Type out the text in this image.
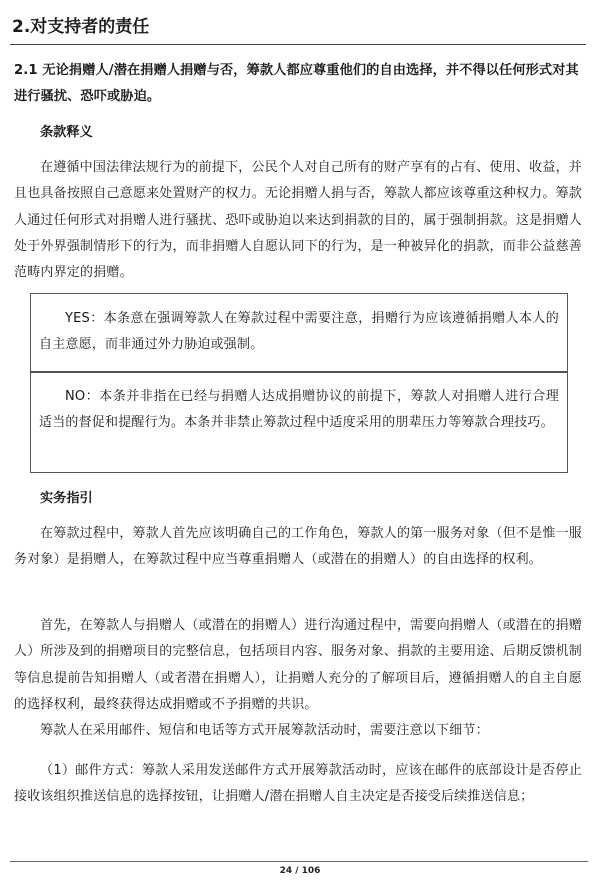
2.对支持者的责任
2.1 无论捐赠人/潜在捐赠人捐赠与否，筹款人都应尊重他们的自由选择，并不得以任何形式对其进行骚扰、恐吓或胁迫。
条款释义
在遵循中国法律法规行为的前提下，公民个人对自己所有的财产享有的占有、使用、收益，并且也具备按照自己意愿来处置财产的权力。无论捐赠人捐与否，筹款人都应该尊重这种权力。筹款人通过任何形式对捐赠人进行骚扰、恐吓或胁迫以来达到捐款的目的，属于强制捐款。这是捐赠人处于外界强制情形下的行为，而非捐赠人自愿认同下的行为，是一种被异化的捐款，而非公益慈善范畴内界定的捐赠。

YES：本条意在强调筹款人在筹款过程中需要注意，捐赠行为应该遵循捐赠人本人的自主意愿，而非通过外力胁迫或强制。

NO：本条并非指在已经与捐赠人达成捐赠协议的前提下，筹款人对捐赠人进行合理适当的督促和提醒行为。本条并非禁止筹款过程中适度采用的朋辈压力等筹款合理技巧。

实务指引
在筹款过程中，筹款人首先应该明确自己的工作角色，筹款人的第一服务对象（但不是惟一服务对象）是捐赠人，在筹款过程中应当尊重捐赠人（或潜在的捐赠人）的自由选择的权利。
首先，在筹款人与捐赠人（或潜在的捐赠人）进行沟通过程中，需要向捐赠人（或潜在的捐赠人）所涉及到的捐赠项目的完整信息，包括项目内容、服务对象、捐款的主要用途、后期反馈机制等信息提前告知捐赠人（或者潜在捐赠人），让捐赠人充分的了解项目后，遵循捐赠人的自主自愿的选择权利，最终获得达成捐赠或不予捐赠的共识。
筹款人在采用邮件、短信和电话等方式开展筹款活动时，需要注意以下细节：
（1）邮件方式：筹款人采用发送邮件方式开展筹款活动时，应该在邮件的底部设计是否停止接收该组织推送信息的选择按钮，让捐赠人/潜在捐赠人自主决定是否接受后续推送信息；
24 / 106
